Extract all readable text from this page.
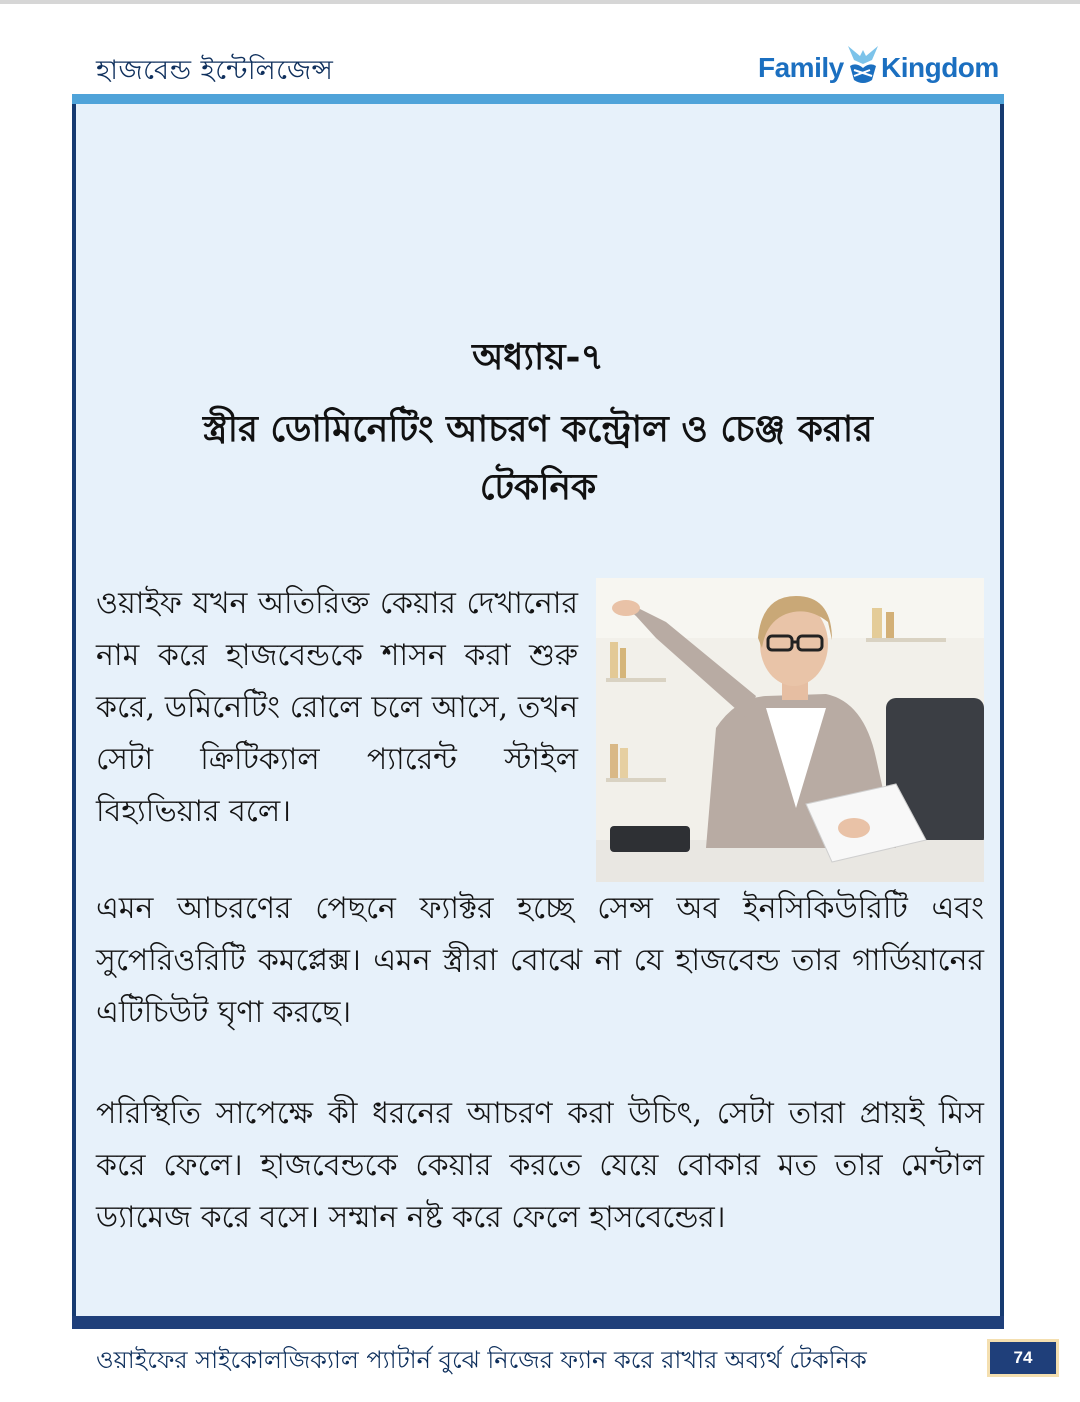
হাজবেন্ড ইন্টেলিজেন্স	Family Kingdom
অধ্যায়-৭
স্ত্রীর ডোমিনেটিং আচরণ কন্ট্রোল ও চেঞ্জ করার টেকনিক
ওয়াইফ যখন অতিরিক্ত কেয়ার দেখানোর নাম করে হাজবেন্ডকে শাসন করা শুরু করে, ডমিনেটিং রোলে চলে আসে, তখন সেটা ক্রিটিক্যাল প্যারেন্ট স্টাইল বিহ্যভিয়ার বলে।
এমন আচরণের পেছনে ফ্যাক্টর হচ্ছে সেন্স অব ইনসিকিউরিটি এবং সুপেরিওরিটি কমপ্লেক্স। এমন স্ত্রীরা বোঝে না যে হাজবেন্ড তার গার্ডিয়ানের এটিচিউট ঘৃণা করছে।
পরিস্থিতি সাপেক্ষে কী ধরনের আচরণ করা উচিৎ, সেটা তারা প্রায়ই মিস করে ফেলে। হাজবেন্ডকে কেয়ার করতে যেয়ে বোকার মত তার মেন্টাল ড্যামেজ করে বসে। সম্মান নষ্ট করে ফেলে হাসবেন্ডের।
ওয়াইফের সাইকোলজিক্যাল প্যাটার্ন বুঝে নিজের ফ্যান করে রাখার অব্যর্থ টেকনিক	74
